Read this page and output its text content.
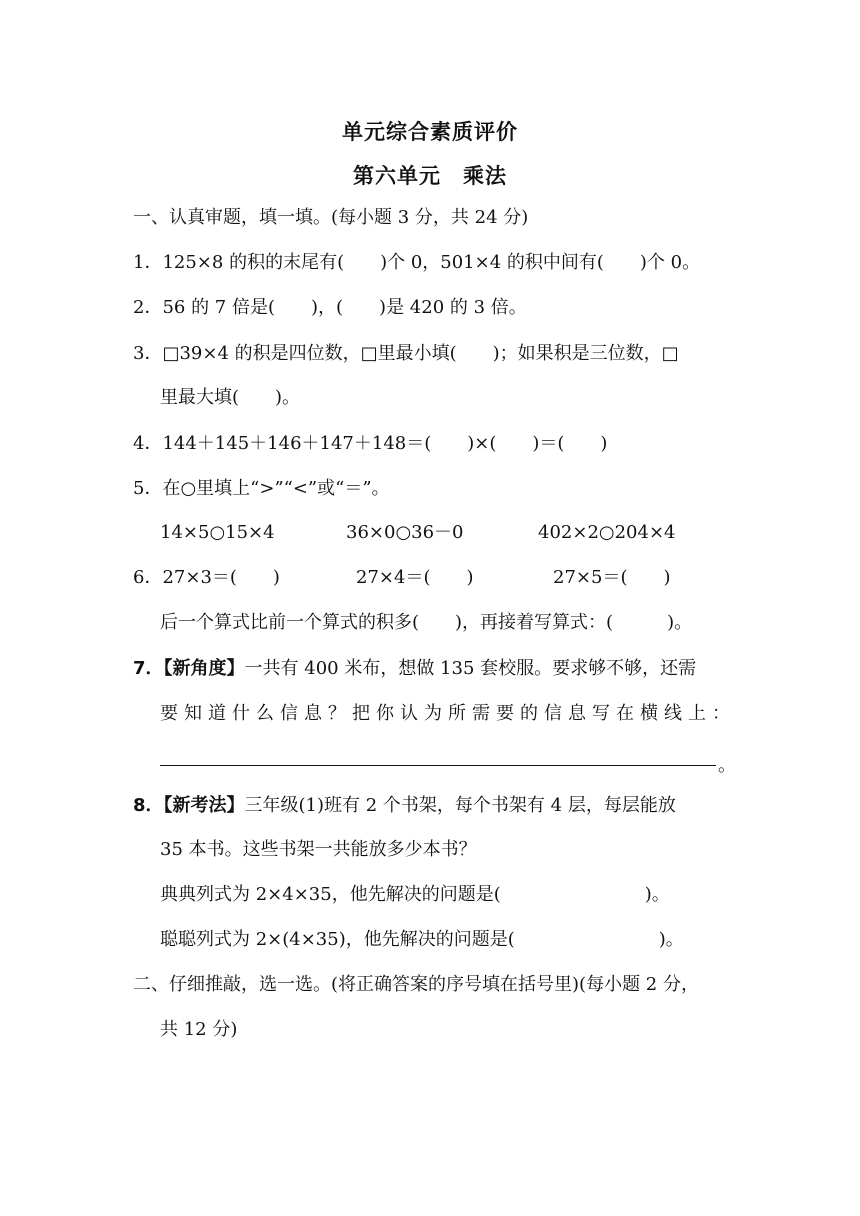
单元综合素质评价
第六单元　乘法
一、认真审题，填一填。(每小题 3 分，共 24 分)
1．125×8 的积的末尾有(　　)个 0，501×4 的积中间有(　　)个 0。
2．56 的 7 倍是(　　)，(　　)是 420 的 3 倍。
3．□39×4 的积是四位数，□里最小填(　　)；如果积是三位数，□
里最大填(　　)。
4．144＋145＋146＋147＋148＝(　　)×(　　)＝(　　)
5．在○里填上“>”“<”或“＝”。
14×5○15×4	36×0○36－0	402×2○204×4
6．27×3＝(　　)	27×4＝(　　)	27×5＝(　　)
后一个算式比前一个算式的积多(　　)，再接着写算式：(　　　)。
7．【新角度】一共有 400 米布，想做 135 套校服。要求够不够，还需
要知道什么信息？把你认为所需要的信息写在横线上：
。
8．【新考法】三年级(1)班有 2 个书架，每个书架有 4 层，每层能放
35 本书。这些书架一共能放多少本书？
典典列式为 2×4×35，他先解决的问题是(　　　　　　　　)。
聪聪列式为 2×(4×35)，他先解决的问题是(　　　　　　　　)。
二、仔细推敲，选一选。(将正确答案的序号填在括号里)(每小题 2 分，
共 12 分)
